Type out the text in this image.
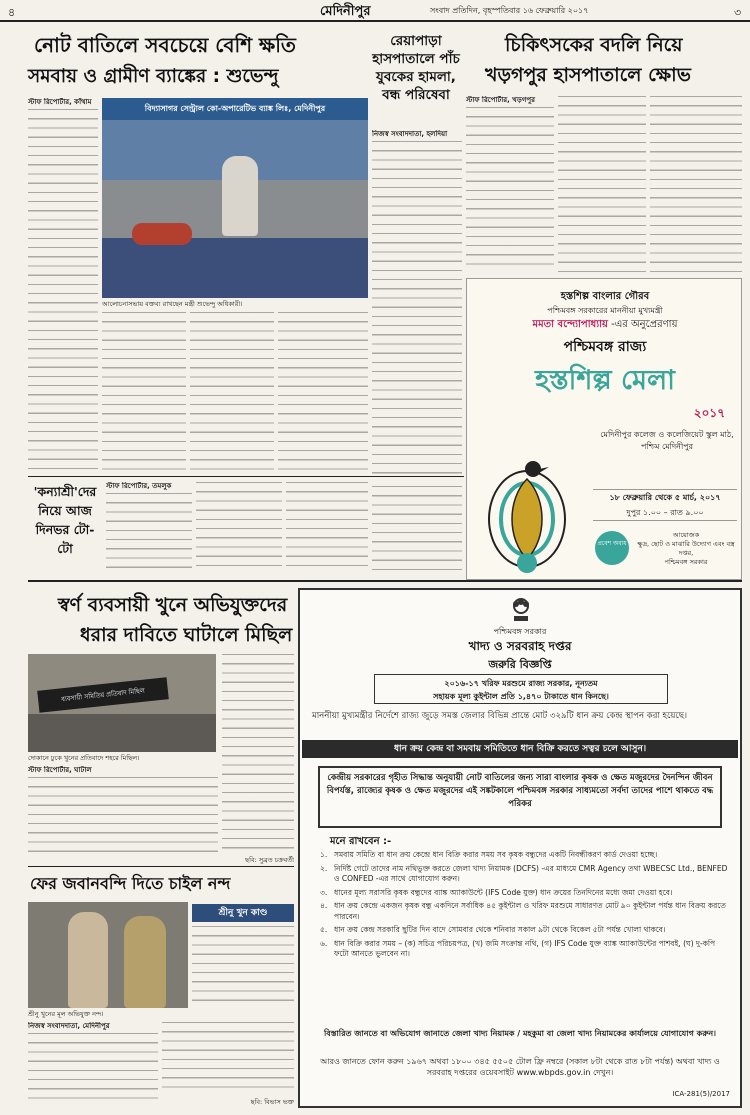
৪	মেদিনীপুর	সংবাদ প্রতিদিন, বৃহস্পতিবার ১৬ ফেব্রুয়ারি ২০১৭	৩
নোট বাতিলে সবচেয়ে বেশি ক্ষতি
সমবায় ও গ্রামীণ ব্যাঙ্কের : শুভেন্দু

স্টাফ রিপোর্টার, কাঁথাম

বিদ্যাসাগর সেন্ট্রাল কো-অপারেটিভ ব্যাঙ্ক লিঃ, মেদিনীপুর
আলোচনাসভায় বক্তব্য রাখছেন মন্ত্রী শুভেন্দু অধিকারী।
রেয়াপাড়া হাসপাতালে পাঁচ যুবকের হামলা, বন্ধ পরিষেবা

নিজস্ব সংবাদদাতা, হলদিয়া

চিকিৎসকের বদলি নিয়ে
খড়গপুর হাসপাতালে ক্ষোভ

স্টাফ রিপোর্টার, খড়গপুর

হস্তশিল্প বাংলার গৌরব
পশ্চিমবঙ্গ সরকারের মাননীয়া মুখ্যমন্ত্রী
মমতা বন্দ্যোপাধ্যায় -এর অনুপ্রেরণায়
পশ্চিমবঙ্গ রাজ্য
হস্তশিল্প মেলা
২০১৭
মেদিনীপুর কলেজ ও কলেজিয়েট স্কুল মাঠ,
পশ্চিম মেদিনীপুর
১৮ ফেব্রুয়ারি থেকে ৫ মার্চ, ২০১৭
দুপুর ১.০০ – রাত ৯.০০
প্রবেশ অবাধ
আয়োজক
ক্ষুদ্র, ছোট ও মাঝারি উদ্যোগ এবং বস্ত্র দপ্তর,
পশ্চিমবঙ্গ সরকার
'কন্যাশ্রী'দের নিয়ে আজ দিনভর টো-টো

স্টাফ রিপোর্টার, তমলুক

স্বর্ণ ব্যবসায়ী খুনে অভিযুক্তদের
ধরার দাবিতে ঘাটালে মিছিল
ব্যবসায়ী সমিতির প্রতিবাদ মিছিল
দোকানে ঢুকে খুনের প্রতিবাদে শহরে মিছিল।

স্টাফ রিপোর্টার, ঘাটাল

ছবি: সুব্রত চক্রবর্তী
ফের জবানবন্দি দিতে চাইল নন্দ
শ্রীনু খুন কাণ্ড
শ্রীনু খুনের মূল অভিযুক্ত নন্দ।

নিজস্ব সংবাদদাতা, মেদিনীপুর

ছবি: বিভাস ভক্ত
পশ্চিমবঙ্গ সরকার
খাদ্য ও সরবরাহ দপ্তর
জরুরি বিজ্ঞপ্তি
২০১৬-১৭ খরিফ মরশুমে রাজ্য সরকার, নূন্যতম
সহায়ক মূল্য কুইন্টাল প্রতি ১,৪৭০ টাকাতে ধান কিনছে।
মাননীয়া মুখ্যমন্ত্রীর নির্দেশে রাজ্য জুড়ে সমস্ত জেলার বিভিন্ন প্রান্তে মোট ৩২৯টি ধান ক্রয় কেন্দ্র স্থাপন করা হয়েছে।
ধান ক্রয় কেন্দ্র বা সমবায় সমিতিতে ধান বিক্রি করতে সত্বর চলে আসুন।
কেন্দ্রীয় সরকারের গৃহীত সিদ্ধান্ত অনুযায়ী নোট বাতিলের জন্য সারা বাংলার কৃষক ও ক্ষেত মজুরদের দৈনন্দিন জীবন বিপর্যস্ত, রাজ্যের কৃষক ও ক্ষেত মজুরদের এই সঙ্কটকালে পশ্চিমবঙ্গ সরকার সাধ্যমতো সর্বদা তাদের পাশে থাকতে বদ্ধ পরিকর
মনে রাখবেন :-
১. সমবায় সমিতি বা ধান ক্রয় কেন্দ্রে ধান বিক্রি করার সময় সব কৃষক বন্ধুদের একটি নিবন্ধীকরণ কার্ড দেওয়া হচ্ছে।
২. নির্দিষ্ট গেটে তাদের নাম নথিভুক্ত করতে জেলা খাদ্য নিয়ামক (DCFS) -এর মাধ্যমে CMR Agency তথা WBECSC Ltd., BENFED ও CONFED -এর সাথে যোগাযোগ করুন।
৩. ধানের মূল্য সরাসরি কৃষক বন্ধুদের ব্যাঙ্ক অ্যাকাউন্টে (IFS Code যুক্ত) ধান ক্রয়ের তিনদিনের মধ্যে জমা দেওয়া হবে।
৪. ধান ক্রয় কেন্দ্রে একজন কৃষক বন্ধু একদিনে সর্বাধিক ৪৫ কুইন্টাল ও খরিফ মরশুমে সাধারণত মোট ৯০ কুইন্টাল পর্যন্ত ধান বিক্রয় করতে পারবেন।
৫. ধান ক্রয় কেন্দ্র সরকারি ছুটির দিন বাদে সোমবার থেকে শনিবার সকাল ৯টা থেকে বিকেল ৫টা পর্যন্ত খোলা থাকবে।
৬. ধান বিক্রি করার সময় – (ক) সচিত্র পরিচয়পত্র, (খ) জমি সংক্রান্ত নথি, (গ) IFS Code যুক্ত ব্যাঙ্ক অ্যাকাউন্টের পাশবই, (ঘ) দু-কপি ফটো আনতে ভুলবেন না।
বিস্তারিত জানতে বা অভিযোগ জানাতে জেলা খাদ্য নিয়ামক / মহকুমা বা জেলা খাদ্য নিয়ামকের কার্যালয়ে যোগাযোগ করুন।
আরও জানতে ফোন করুন ১৯৬৭ অথবা ১৮০০ ৩৪৫ ৫৫০৫ টোল ফ্রি নম্বরে (সকাল ৮টা থেকে রাত ৮টা পর্যন্ত) অথবা খাদ্য ও সরবরাহ দপ্তরের ওয়েবসাইট www.wbpds.gov.in দেখুন।
ICA-281(5)/2017
